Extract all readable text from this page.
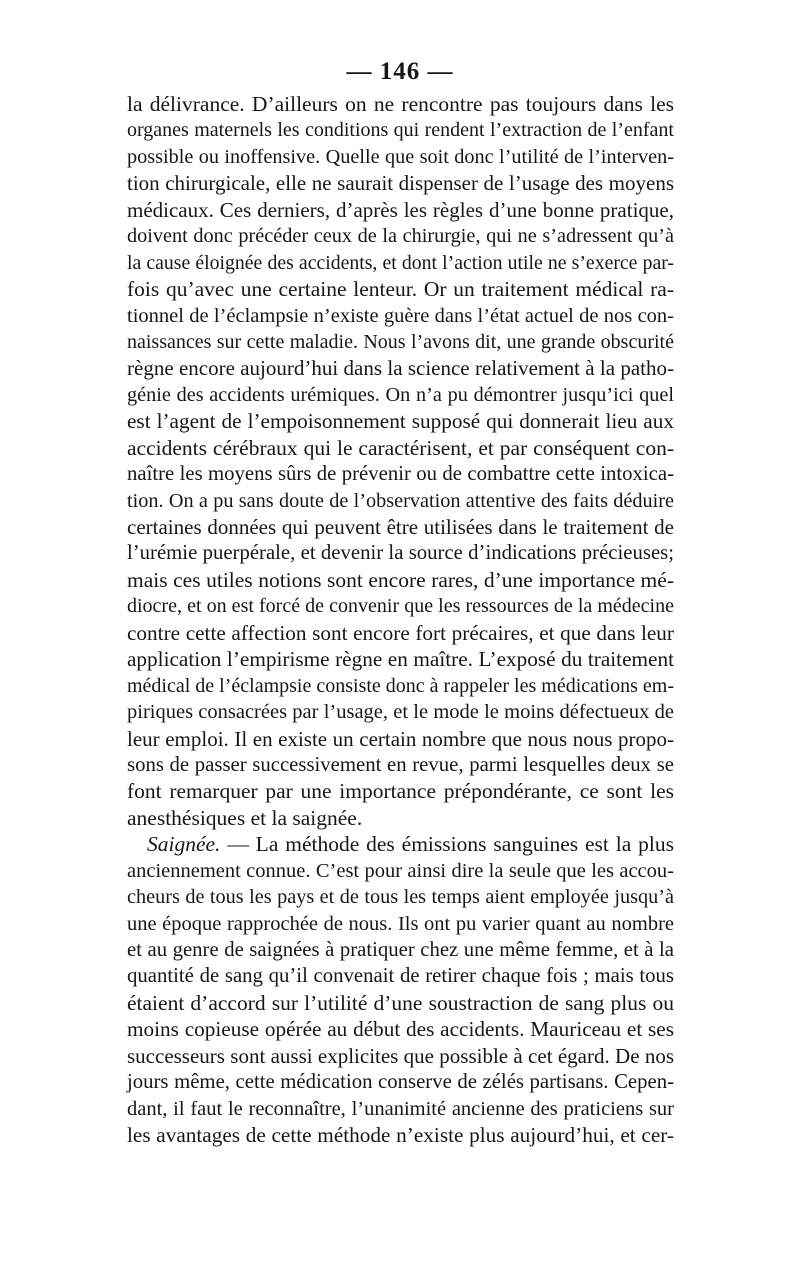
— 146 —
la délivrance. D’ailleurs on ne rencontre pas toujours dans les
organes maternels les conditions qui rendent l’extraction de l’enfant
possible ou inoffensive. Quelle que soit donc l’utilité de l’interven-
tion chirurgicale, elle ne saurait dispenser de l’usage des moyens
médicaux. Ces derniers, d’après les règles d’une bonne pratique,
doivent donc précéder ceux de la chirurgie, qui ne s’adressent qu’à
la cause éloignée des accidents, et dont l’action utile ne s’exerce par-
fois qu’avec une certaine lenteur. Or un traitement médical ra-
tionnel de l’éclampsie n’existe guère dans l’état actuel de nos con-
naissances sur cette maladie. Nous l’avons dit, une grande obscurité
règne encore aujourd’hui dans la science relativement à la patho-
génie des accidents urémiques. On n’a pu démontrer jusqu’ici quel
est l’agent de l’empoisonnement supposé qui donnerait lieu aux
accidents cérébraux qui le caractérisent, et par conséquent con-
naître les moyens sûrs de prévenir ou de combattre cette intoxica-
tion. On a pu sans doute de l’observation attentive des faits déduire
certaines données qui peuvent être utilisées dans le traitement de
l’urémie puerpérale, et devenir la source d’indications précieuses;
mais ces utiles notions sont encore rares, d’une importance mé-
diocre, et on est forcé de convenir que les ressources de la médecine
contre cette affection sont encore fort précaires, et que dans leur
application l’empirisme règne en maître. L’exposé du traitement
médical de l’éclampsie consiste donc à rappeler les médications em-
piriques consacrées par l’usage, et le mode le moins défectueux de
leur emploi. Il en existe un certain nombre que nous nous propo-
sons de passer successivement en revue, parmi lesquelles deux se
font remarquer par une importance prépondérante, ce sont les
anesthésiques et la saignée.
Saignée. — La méthode des émissions sanguines est la plus
anciennement connue. C’est pour ainsi dire la seule que les accou-
cheurs de tous les pays et de tous les temps aient employée jusqu’à
une époque rapprochée de nous. Ils ont pu varier quant au nombre
et au genre de saignées à pratiquer chez une même femme, et à la
quantité de sang qu’il convenait de retirer chaque fois ; mais tous
étaient d’accord sur l’utilité d’une soustraction de sang plus ou
moins copieuse opérée au début des accidents. Mauriceau et ses
successeurs sont aussi explicites que possible à cet égard. De nos
jours même, cette médication conserve de zélés partisans. Cepen-
dant, il faut le reconnaître, l’unanimité ancienne des praticiens sur
les avantages de cette méthode n’existe plus aujourd’hui, et cer-
